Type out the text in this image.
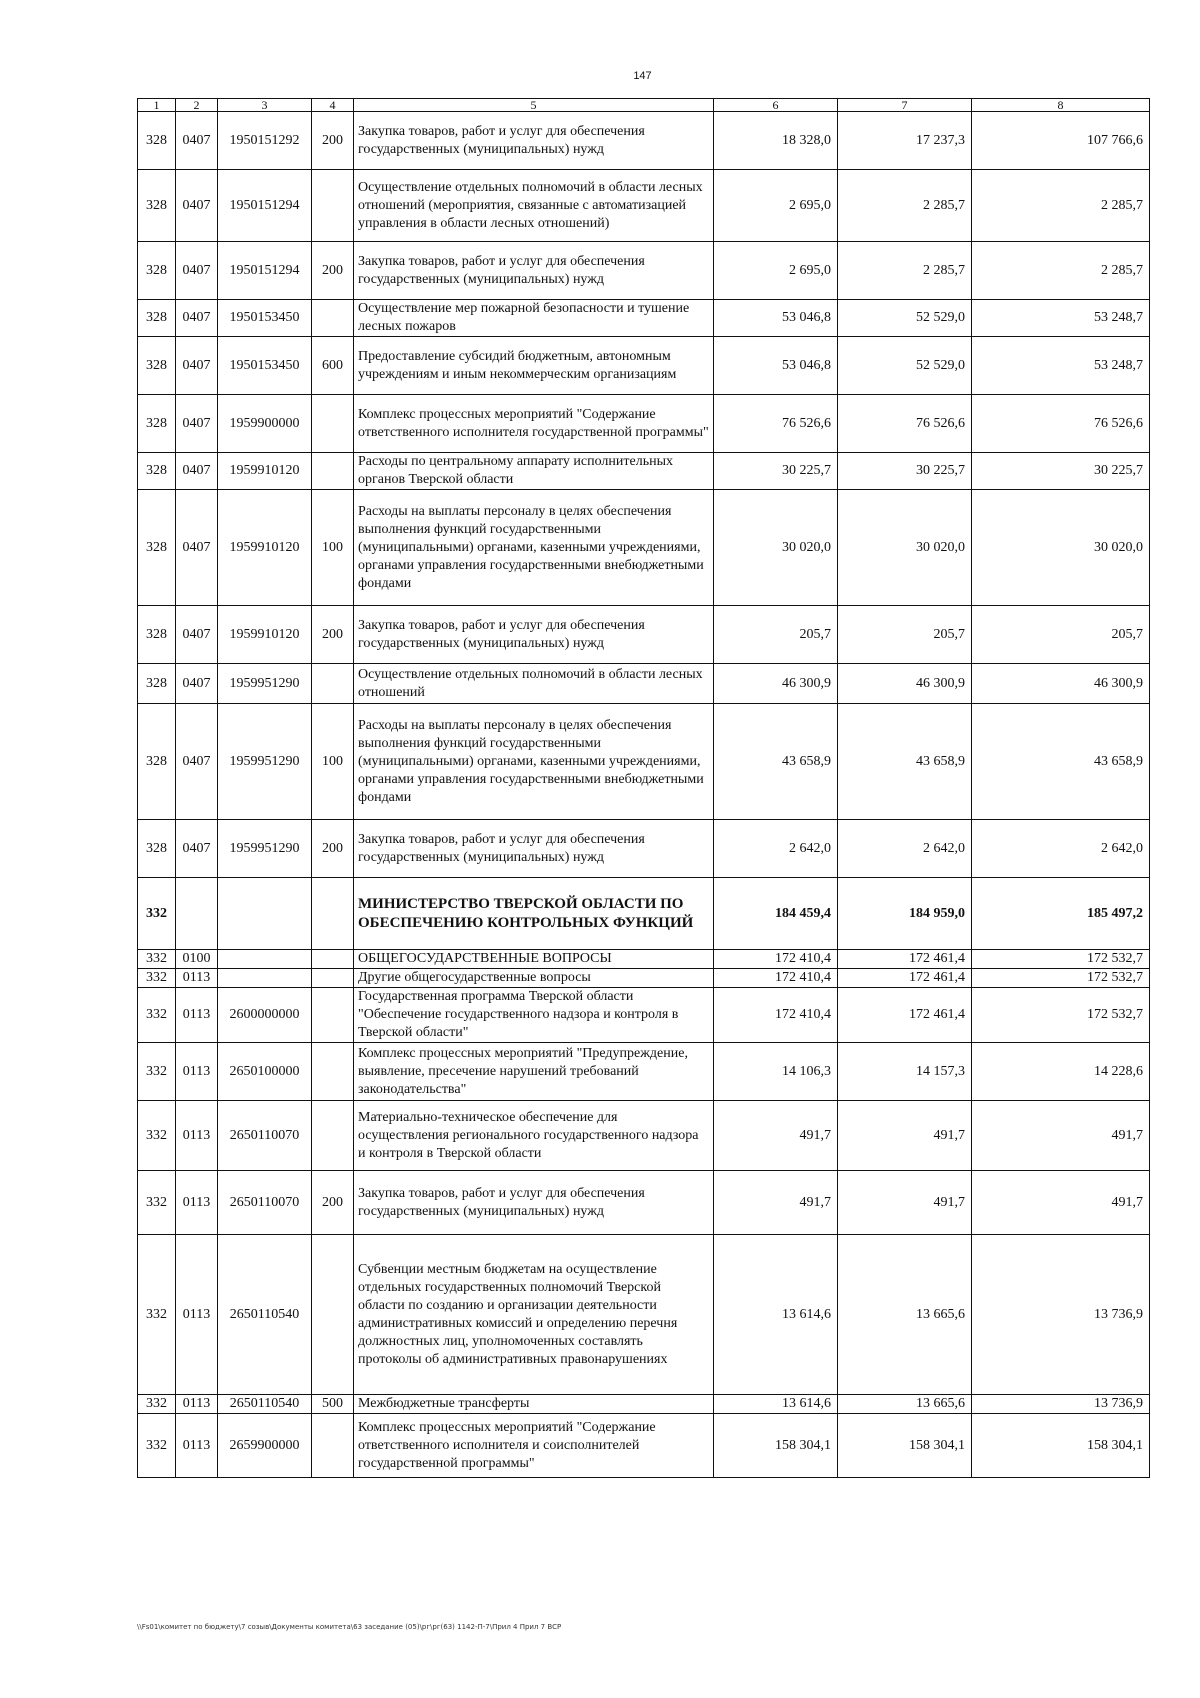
147
1	2	3	4	5	6	7	8
328	0407	1950151292	200	Закупка товаров, работ и услуг для обеспечения государственных (муниципальных) нужд	18 328,0	17 237,3	107 766,6
328	0407	1950151294		Осуществление отдельных полномочий в области лесных отношений (мероприятия, связанные с автоматизацией управления в области лесных отношений)	2 695,0	2 285,7	2 285,7
328	0407	1950151294	200	Закупка товаров, работ и услуг для обеспечения государственных (муниципальных) нужд	2 695,0	2 285,7	2 285,7
328	0407	1950153450		Осуществление мер пожарной безопасности и тушение лесных пожаров	53 046,8	52 529,0	53 248,7
328	0407	1950153450	600	Предоставление субсидий бюджетным, автономным учреждениям и иным некоммерческим организациям	53 046,8	52 529,0	53 248,7
328	0407	1959900000		Комплекс процессных мероприятий "Содержание ответственного исполнителя государственной программы"	76 526,6	76 526,6	76 526,6
328	0407	1959910120		Расходы по центральному аппарату исполнительных органов Тверской области	30 225,7	30 225,7	30 225,7
328	0407	1959910120	100	Расходы на выплаты персоналу в целях обеспечения выполнения функций государственными (муниципальными) органами, казенными учреждениями, органами управления государственными внебюджетными фондами	30 020,0	30 020,0	30 020,0
328	0407	1959910120	200	Закупка товаров, работ и услуг для обеспечения государственных (муниципальных) нужд	205,7	205,7	205,7
328	0407	1959951290		Осуществление отдельных полномочий в области лесных отношений	46 300,9	46 300,9	46 300,9
328	0407	1959951290	100	Расходы на выплаты персоналу в целях обеспечения выполнения функций государственными (муниципальными) органами, казенными учреждениями, органами управления государственными внебюджетными фондами	43 658,9	43 658,9	43 658,9
328	0407	1959951290	200	Закупка товаров, работ и услуг для обеспечения государственных (муниципальных) нужд	2 642,0	2 642,0	2 642,0
332				МИНИСТЕРСТВО ТВЕРСКОЙ ОБЛАСТИ ПО ОБЕСПЕЧЕНИЮ КОНТРОЛЬНЫХ ФУНКЦИЙ	184 459,4	184 959,0	185 497,2
332	0100			ОБЩЕГОСУДАРСТВЕННЫЕ ВОПРОСЫ	172 410,4	172 461,4	172 532,7
332	0113			Другие общегосударственные вопросы	172 410,4	172 461,4	172 532,7
332	0113	2600000000		Государственная программа Тверской области "Обеспечение государственного надзора и контроля в Тверской области"	172 410,4	172 461,4	172 532,7
332	0113	2650100000		Комплекс процессных мероприятий "Предупреждение, выявление, пресечение нарушений требований законодательства"	14 106,3	14 157,3	14 228,6
332	0113	2650110070		Материально-техническое обеспечение для осуществления регионального государственного надзора и контроля в Тверской области	491,7	491,7	491,7
332	0113	2650110070	200	Закупка товаров, работ и услуг для обеспечения государственных (муниципальных) нужд	491,7	491,7	491,7
332	0113	2650110540		Субвенции местным бюджетам на осуществление отдельных государственных полномочий Тверской области по созданию и организации деятельности административных комиссий и определению перечня должностных лиц, уполномоченных составлять протоколы об административных правонарушениях	13 614,6	13 665,6	13 736,9
332	0113	2650110540	500	Межбюджетные трансферты	13 614,6	13 665,6	13 736,9
332	0113	2659900000		Комплекс процессных мероприятий "Содержание ответственного исполнителя и соисполнителей государственной программы"	158 304,1	158 304,1	158 304,1
\\Fs01\комитет по бюджету\7 созыв\Документы комитета\63 заседание (05)\рг\рг(63) 1142-П-7\Прил 4 Прил 7 ВСР
